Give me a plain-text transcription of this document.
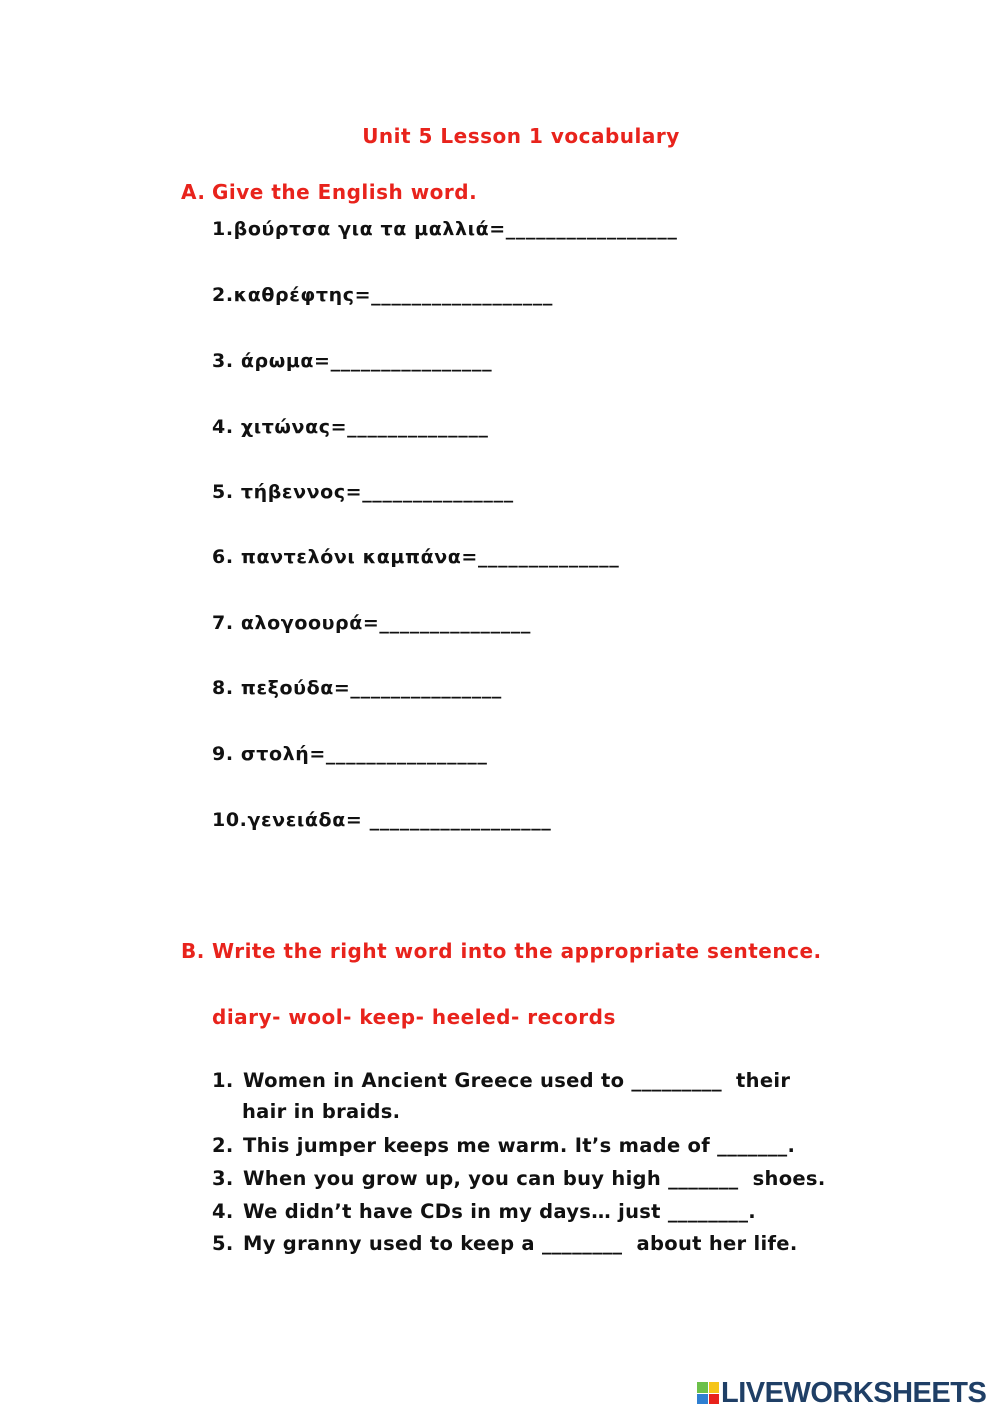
Unit 5 Lesson 1 vocabulary
A. Give the English word.
1.βούρτσα για τα μαλλιά=_________________
2.καθρέφτης=__________________
3. άρωμα=________________
4. χιτώνας=______________
5. τήβεννος=_______________
6. παντελόνι καμπάνα=______________
7. αλογοουρά=_______________
8. πεξούδα=_______________
9. στολή=________________
10.γενειάδα= __________________
B. Write the right word into the appropriate sentence.
diary- wool- keep- heeled- records
1. Women in Ancient Greece used to _________  their
hair in braids.
2. This jumper keeps me warm. It’s made of _______.
3. When you grow up, you can buy high _______  shoes.
4. We didn’t have CDs in my days… just ________.
5. My granny used to keep a ________  about her life.
LIVEWORKSHEETS
